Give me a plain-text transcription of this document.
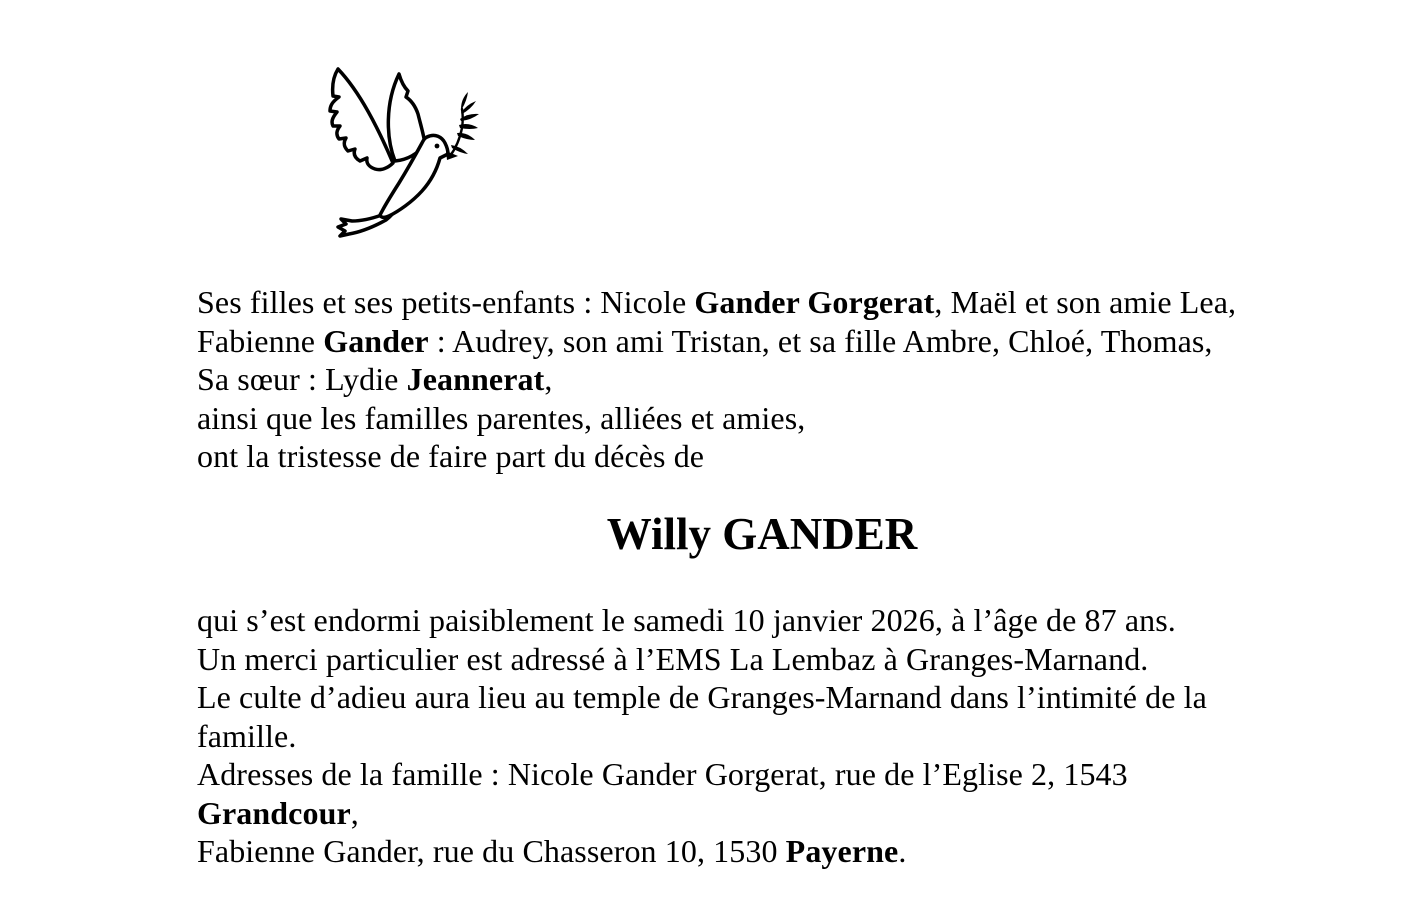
Ses filles et ses petits-enfants : Nicole Gander Gorgerat, Maël et son amie Lea,
Fabienne Gander : Audrey, son ami Tristan, et sa fille Ambre, Chloé, Thomas,
Sa sœur : Lydie Jeannerat,
ainsi que les familles parentes, alliées et amies,
ont la tristesse de faire part du décès de
Willy GANDER
qui s’est endormi paisiblement le samedi 10 janvier 2026, à l’âge de 87 ans.
Un merci particulier est adressé à l’EMS La Lembaz à Granges-Marnand.
Le culte d’adieu aura lieu au temple de Granges-Marnand dans l’intimité de la
famille.
Adresses de la famille : Nicole Gander Gorgerat, rue de l’Eglise 2, 1543
Grandcour,
Fabienne Gander, rue du Chasseron 10, 1530 Payerne.
